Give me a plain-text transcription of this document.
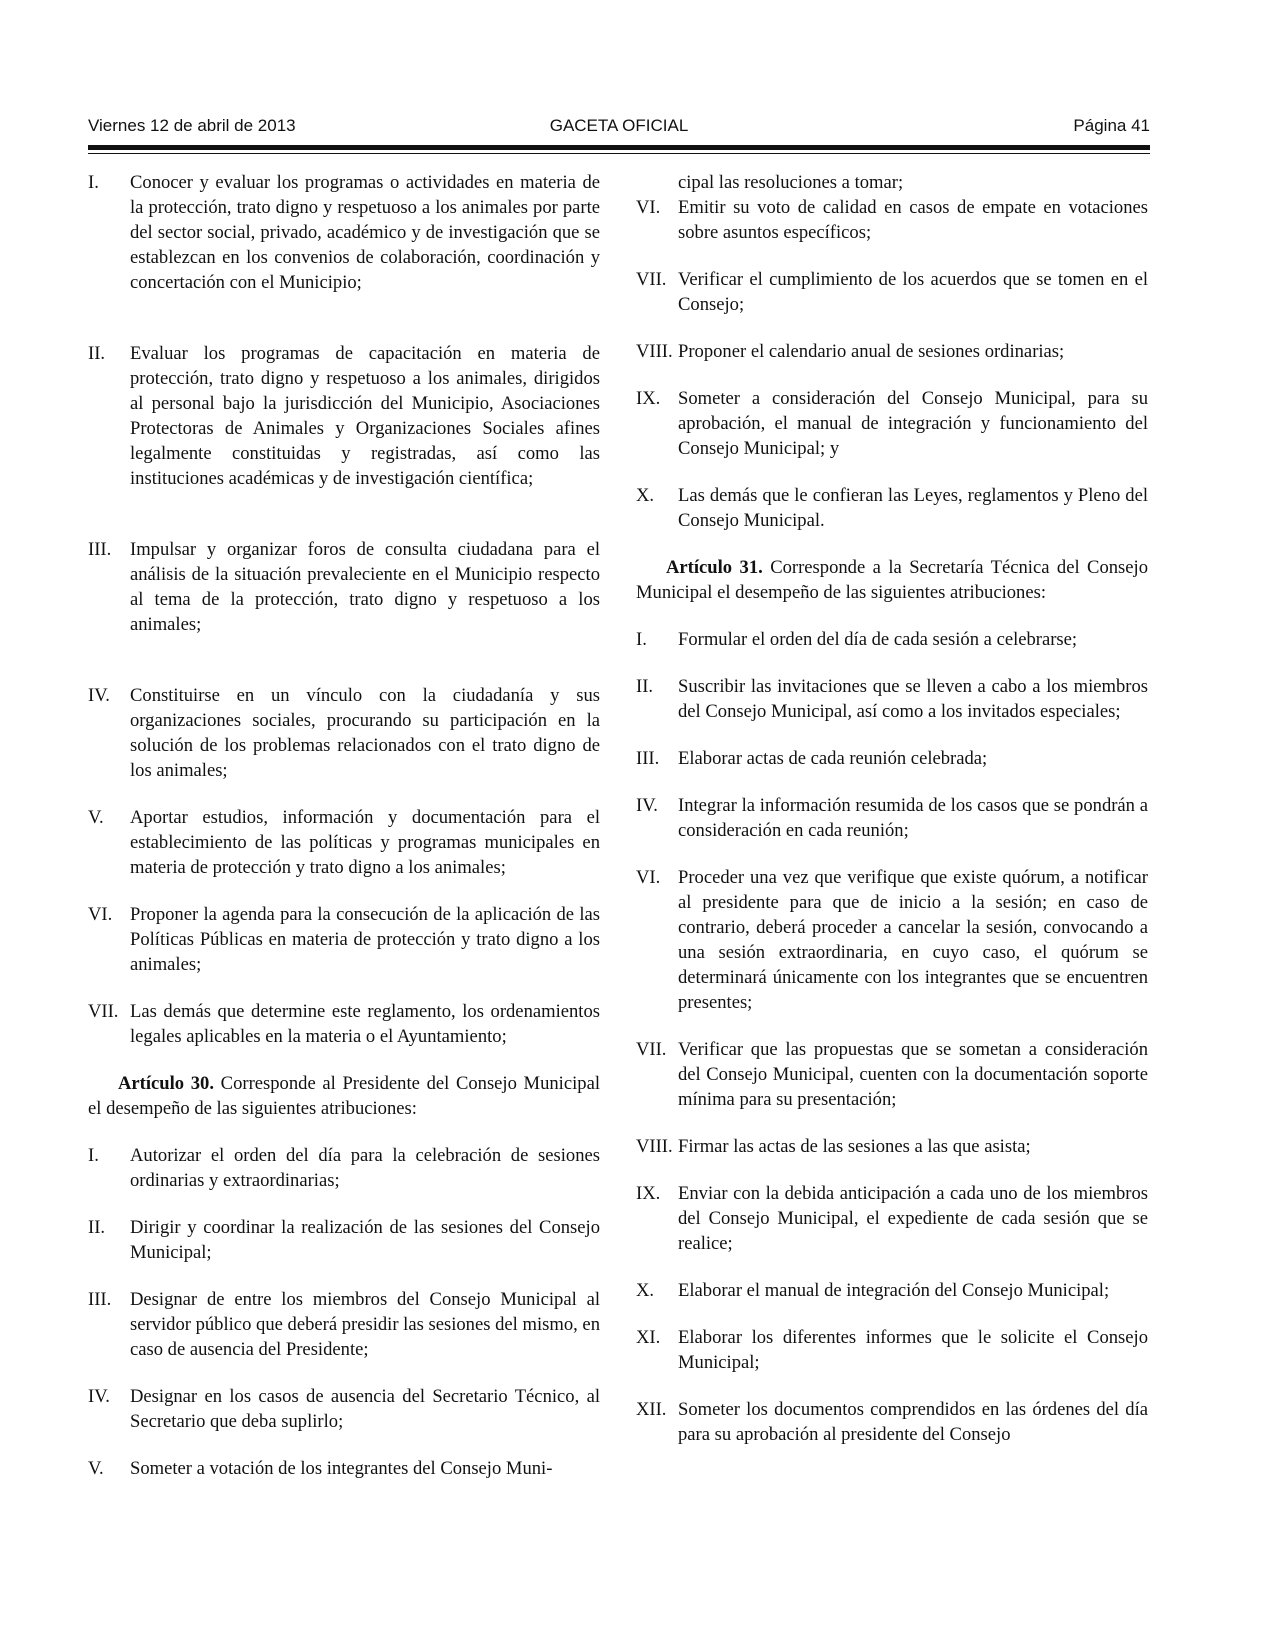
Viernes 12 de abril de 2013	GACETA OFICIAL	Página 41
I.	Conocer y evaluar los programas o actividades en materia de la protección, trato digno y respetuoso a los animales por parte del sector social, privado, académico y de investigación que se establezcan en los convenios de colaboración, coordinación y concertación con el Municipio;
II.	Evaluar los programas de capacitación en materia de protección, trato digno y respetuoso a los animales, dirigidos al personal bajo la jurisdicción del Municipio, Asociaciones Protectoras de Animales y Organizaciones Sociales afines legalmente constituidas y registradas, así como las instituciones académicas y de investigación científica;
III.	Impulsar y organizar foros de consulta ciudadana para el análisis de la situación prevaleciente en el Municipio respecto al tema de la protección, trato digno y respetuoso a los animales;
IV.	Constituirse en un vínculo con la ciudadanía y sus organizaciones sociales, procurando su participación en la solución de los problemas relacionados con el trato digno de los animales;
V.	Aportar estudios, información y documentación para el establecimiento de las políticas y programas municipales en materia de protección y trato digno a los animales;
VI. Proponer la agenda para la consecución de la aplicación de las Políticas Públicas en materia de protección y trato digno a los animales;
VII. Las demás que determine este reglamento, los ordenamientos legales aplicables en la materia o el Ayuntamiento;

Artículo 30. Corresponde al Presidente del Consejo Municipal el desempeño de las siguientes atribuciones:

I.	Autorizar el orden del día para la celebración de sesiones ordinarias y extraordinarias;
II.	Dirigir y coordinar la realización de las sesiones del Consejo Municipal;
III.	Designar de entre los miembros del Consejo Municipal al servidor público que deberá presidir las sesiones del mismo, en caso de ausencia del Presidente;
IV.	Designar en los casos de ausencia del Secretario Técnico, al Secretario que deba suplirlo;
V.	Someter a votación de los integrantes del Consejo Muni-

cipal las resoluciones a tomar;

VI. Emitir su voto de calidad en casos de empate en votaciones sobre asuntos específicos;
VII. Verificar el cumplimiento de los acuerdos que se tomen en el Consejo;
VIII. Proponer el calendario anual de sesiones ordinarias;
IX. Someter a consideración del Consejo Municipal, para su aprobación, el manual de integración y funcionamiento del Consejo Municipal; y
X.	Las demás que le confieran las Leyes, reglamentos y Pleno del Consejo Municipal.

Artículo 31. Corresponde a la Secretaría Técnica del Consejo Municipal el desempeño de las siguientes atribuciones:

I.	Formular el orden del día de cada sesión a celebrarse;
II.	Suscribir las invitaciones que se lleven a cabo a los miembros del Consejo Municipal, así como a los invitados especiales;
III.	Elaborar actas de cada reunión celebrada;
IV.	Integrar la información resumida de los casos que se pondrán a consideración en cada reunión;
VI. Proceder una vez que verifique que existe quórum, a notificar al presidente para que de inicio a la sesión; en caso de contrario, deberá proceder a cancelar la sesión, convocando a una sesión extraordinaria, en cuyo caso, el quórum se determinará únicamente con los integrantes que se encuentren presentes;
VII. Verificar que las propuestas que se sometan a consideración del Consejo Municipal, cuenten con la documentación soporte mínima para su presentación;
VIII. Firmar las actas de las sesiones a las que asista;
IX. Enviar con la debida anticipación a cada uno de los miembros del Consejo Municipal, el expediente de cada sesión que se realice;
X.	Elaborar el manual de integración del Consejo Municipal;
XI. Elaborar los diferentes informes que le solicite el Consejo Municipal;
XII. Someter los documentos comprendidos en las órdenes del día para su aprobación al presidente del Consejo
